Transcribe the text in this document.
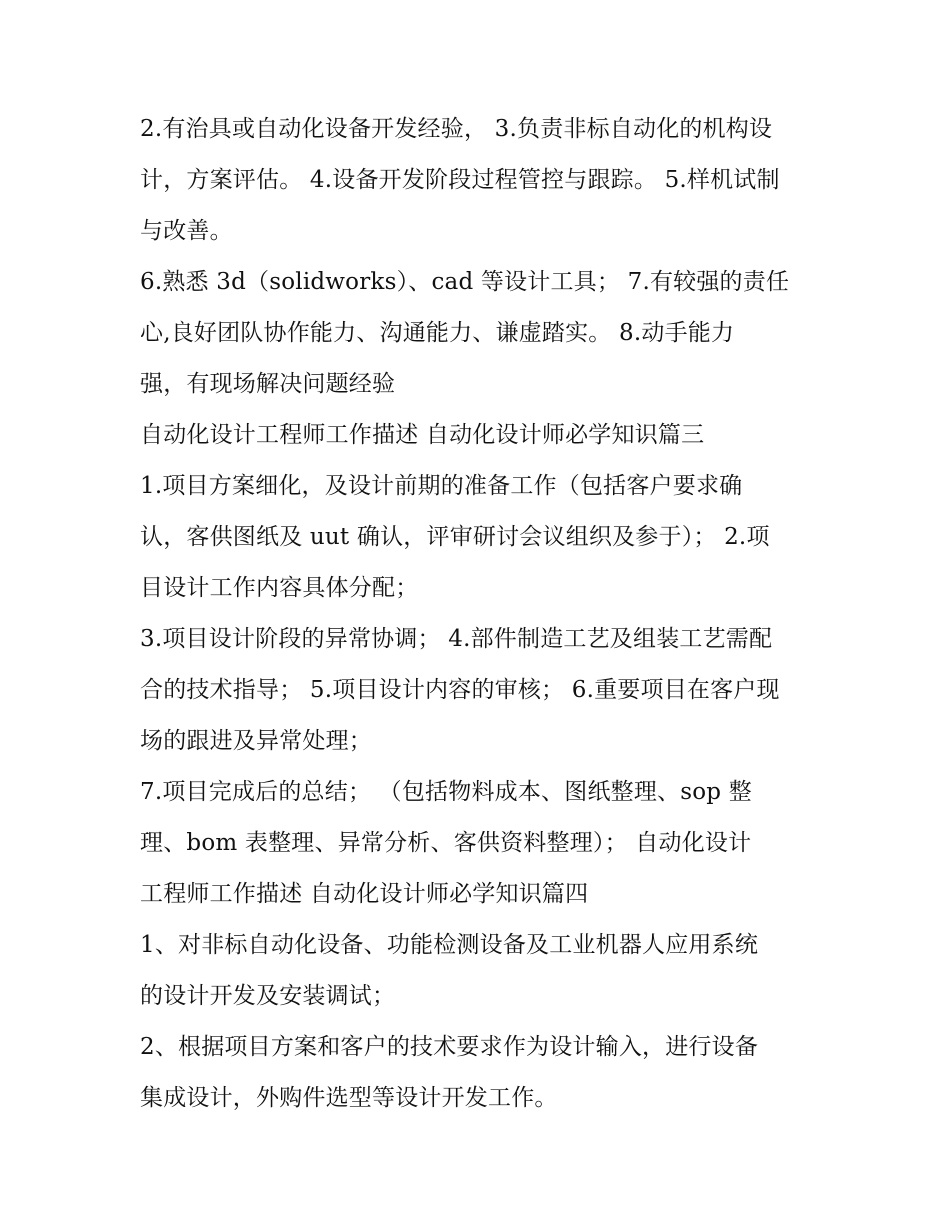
2.有治具或自动化设备开发经验， 3.负责非标自动化的机构设
计，方案评估。 4.设备开发阶段过程管控与跟踪。 5.样机试制
与改善。

6.熟悉 3d（solidworks）、cad 等设计工具； 7.有较强的责任
心,良好团队协作能力、沟通能力、谦虚踏实。 8.动手能力
强，有现场解决问题经验

自动化设计工程师工作描述 自动化设计师必学知识篇三

1.项目方案细化，及设计前期的准备工作（包括客户要求确
认，客供图纸及 uut 确认，评审研讨会议组织及参于）； 2.项
目设计工作内容具体分配；

3.项目设计阶段的异常协调； 4.部件制造工艺及组装工艺需配
合的技术指导； 5.项目设计内容的审核； 6.重要项目在客户现
场的跟进及异常处理；

7.项目完成后的总结； （包括物料成本、图纸整理、sop 整
理、bom 表整理、异常分析、客供资料整理）； 自动化设计
工程师工作描述 自动化设计师必学知识篇四

1、对非标自动化设备、功能检测设备及工业机器人应用系统
的设计开发及安装调试；

2、根据项目方案和客户的技术要求作为设计输入，进行设备
集成设计，外购件选型等设计开发工作。
